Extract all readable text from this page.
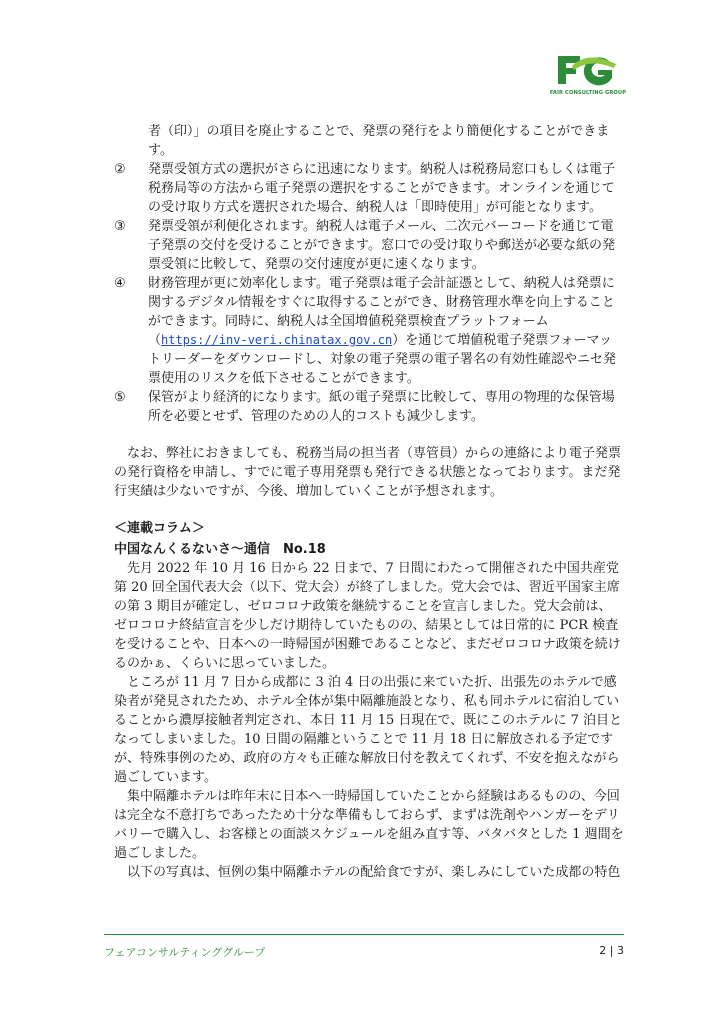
FAIR CONSULTING GROUP
者（印）」の項目を廃止することで、発票の発行をより簡便化することができます。
②	発票受領方式の選択がさらに迅速になります。納税人は税務局窓口もしくは電子税務局等の方法から電子発票の選択をすることができます。オンラインを通じての受け取り方式を選択された場合、納税人は「即時使用」が可能となります。
③	発票受領が利便化されます。納税人は電子メール、二次元バーコードを通じて電子発票の交付を受けることができます。窓口での受け取りや郵送が必要な紙の発票受領に比較して、発票の交付速度が更に速くなります。
④	財務管理が更に効率化します。電子発票は電子会計証憑として、納税人は発票に関するデジタル情報をすぐに取得することができ、財務管理水準を向上することができます。同時に、納税人は全国増値税発票検査プラットフォーム（https://inv-veri.chinatax.gov.cn）を通じて増値税電子発票フォーマットリーダーをダウンロードし、対象の電子発票の電子署名の有効性確認やニセ発票使用のリスクを低下させることができます。
⑤	保管がより経済的になります。紙の電子発票に比較して、専用の物理的な保管場所を必要とせず、管理のための人的コストも減少します。
なお、弊社におきましても、税務当局の担当者（専管員）からの連絡により電子発票の発行資格を申請し、すでに電子専用発票も発行できる状態となっております。まだ発行実績は少ないですが、今後、増加していくことが予想されます。
＜連載コラム＞
中国なんくるないさ～通信　No.18
先月 2022 年 10 月 16 日から 22 日まで、7 日間にわたって開催された中国共産党第 20 回全国代表大会（以下、党大会）が終了しました。党大会では、習近平国家主席の第 3 期目が確定し、ゼロコロナ政策を継続することを宣言しました。党大会前は、ゼロコロナ終結宣言を少しだけ期待していたものの、結果としては日常的に PCR 検査を受けることや、日本への一時帰国が困難であることなど、まだゼロコロナ政策を続けるのかぁ、くらいに思っていました。
ところが 11 月 7 日から成都に 3 泊 4 日の出張に来ていた折、出張先のホテルで感染者が発見されたため、ホテル全体が集中隔離施設となり、私も同ホテルに宿泊していることから濃厚接触者判定され、本日 11 月 15 日現在で、既にこのホテルに 7 泊目となってしまいました。10 日間の隔離ということで 11 月 18 日に解放される予定ですが、特殊事例のため、政府の方々も正確な解放日付を教えてくれず、不安を抱えながら過ごしています。
集中隔離ホテルは昨年末に日本へ一時帰国していたことから経験はあるものの、今回は完全な不意打ちであったため十分な準備もしておらず、まずは洗剤やハンガーをデリバリーで購入し、お客様との面談スケジュールを組み直す等、バタバタとした 1 週間を過ごしました。
以下の写真は、恒例の集中隔離ホテルの配給食ですが、楽しみにしていた成都の特色
フェアコンサルティンググループ	2 | 3
